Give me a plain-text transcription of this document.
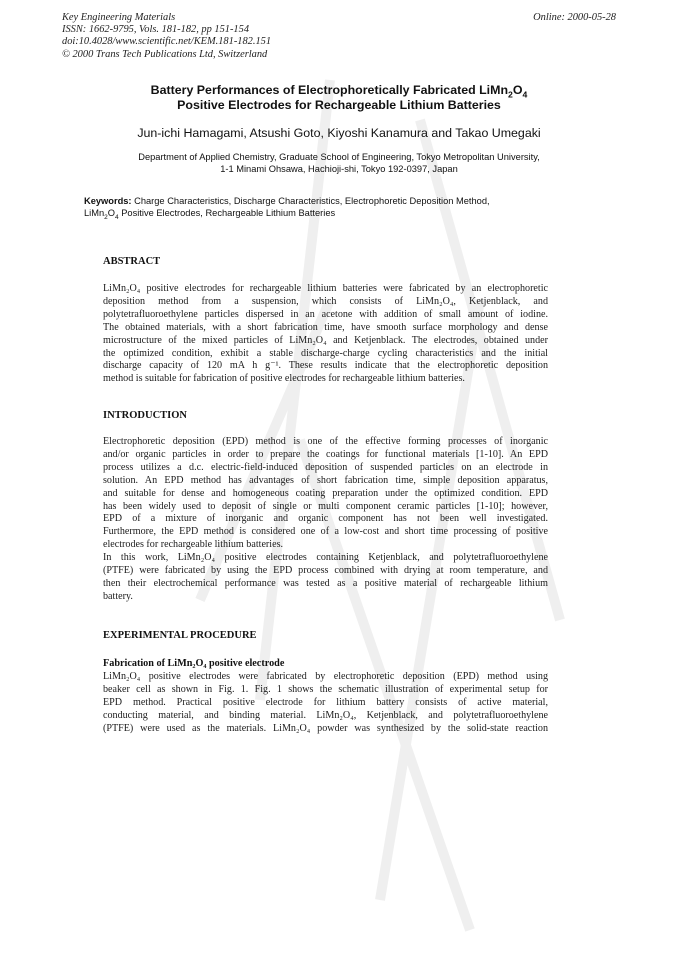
Key Engineering Materials
ISSN: 1662-9795, Vols. 181-182, pp 151-154
doi:10.4028/www.scientific.net/KEM.181-182.151
© 2000 Trans Tech Publications Ltd, Switzerland
Online: 2000-05-28
Battery Performances of Electrophoretically Fabricated $LiMn_2O_4$
Positive Electrodes for Rechargeable Lithium Batteries
Jun-ichi Hamagami, Atsushi Goto, Kiyoshi Kanamura and Takao Umegaki
Department of Applied Chemistry, Graduate School of Engineering, Tokyo Metropolitan University,
1-1 Minami Ohsawa, Hachioji-shi, Tokyo 192-0397, Japan
Keywords: Charge Characteristics, Discharge Characteristics, Electrophoretic Deposition Method,
$LiMn_2O_4$ Positive Electrodes, Rechargeable Lithium Batteries
ABSTRACT
LiMn₂O₄ positive electrodes for rechargeable lithium batteries were fabricated by an electrophoretic
deposition method from a suspension, which consists of LiMn₂O₄, Ketjenblack, and
polytetrafluoroethylene particles dispersed in an acetone with addition of small amount of iodine.
The obtained materials, with a short fabrication time, have smooth surface morphology and dense
microstructure of the mixed particles of LiMn₂O₄ and Ketjenblack. The electrodes, obtained under
the optimized condition, exhibit a stable discharge-charge cycling characteristics and the initial
discharge capacity of 120 mA h g⁻¹. These results indicate that the electrophoretic deposition
method is suitable for fabrication of positive electrodes for rechargeable lithium batteries.
INTRODUCTION
Electrophoretic deposition (EPD) method is one of the effective forming processes of inorganic
and/or organic particles in order to prepare the coatings for functional materials [1-10]. An EPD
process utilizes a d.c. electric-field-induced deposition of suspended particles on an electrode in
solution. An EPD method has advantages of short fabrication time, simple deposition apparatus,
and suitable for dense and homogeneous coating preparation under the optimized condition. EPD
has been widely used to deposit of single or multi component ceramic particles [1-10]; however,
EPD of a mixture of inorganic and organic component has not been well investigated.
Furthermore, the EPD method is considered one of a low-cost and short time processing of positive
electrodes for rechargeable lithium batteries.
In this work, LiMn₂O₄ positive electrodes containing Ketjenblack, and polytetrafluoroethylene
(PTFE) were fabricated by using the EPD process combined with drying at room temperature, and
then their electrochemical performance was tested as a positive material of rechargeable lithium
battery.
EXPERIMENTAL PROCEDURE
Fabrication of LiMn₂O₄ positive electrode
LiMn₂O₄ positive electrodes were fabricated by electrophoretic deposition (EPD) method using
beaker cell as shown in Fig. 1. Fig. 1 shows the schematic illustration of experimental setup for
EPD method. Practical positive electrode for lithium battery consists of active material,
conducting material, and binding material. LiMn₂O₄, Ketjenblack, and polytetrafluoroethylene
(PTFE) were used as the materials. LiMn₂O₄ powder was synthesized by the solid-state reaction
